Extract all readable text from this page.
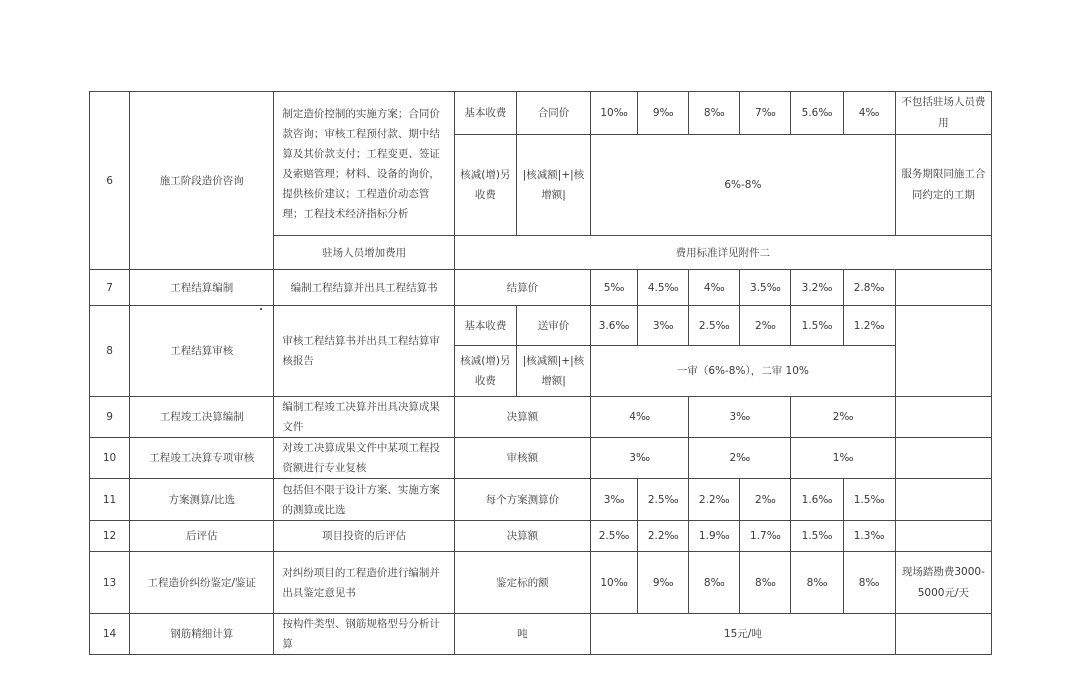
6	施工阶段造价咨询	制定造价控制的实施方案；合同价款咨询；审核工程预付款、期中结算及其价款支付；工程变更、签证及索赔管理；材料、设备的询价，提供核价建议；工程造价动态管理；工程技术经济指标分析	基本收费	合同价	10‰	9‰	8‰	7‰	5.6‰	4‰	不包括驻场人员费用
			核减(增)另收费	|核减额|+|核增额|	6%-8%						服务期限同施工合同约定的工期
		驻场人员增加费用	费用标准详见附件二								
7	工程结算编制	编制工程结算并出具工程结算书	结算价		5‰	4.5‰	4‰	3.5‰	3.2‰	2.8‰	
8	工程结算审核	审核工程结算书并出具工程结算审核报告	基本收费	送审价	3.6‰	3‰	2.5‰	2‰	1.5‰	1.2‰	
			核减(增)另收费	|核减额|+|核增额|	一审（6%-8%），二审 10%						
9	工程竣工决算编制	编制工程竣工决算并出具决算成果文件	决算额		4‰		3‰		2‰		
10	工程竣工决算专项审核	对竣工决算成果文件中某项工程投资额进行专业复核	审核额		3‰		2‰		1‰		
11	方案测算/比选	包括但不限于设计方案、实施方案的测算或比选	每个方案测算价		3‰	2.5‰	2.2‰	2‰	1.6‰	1.5‰	
12	后评估	项目投资的后评估	决算额		2.5‰	2.2‰	1.9‰	1.7‰	1.5‰	1.3‰	
13	工程造价纠纷鉴定/鉴证	对纠纷项目的工程造价进行编制并出具鉴定意见书	鉴定标的额		10‰	9‰	8‰	8‰	8‰	8‰	现场踏勘费3000-5000元/天
14	钢筋精细计算	按构件类型、钢筋规格型号分析计算	吨		15元/吨						
